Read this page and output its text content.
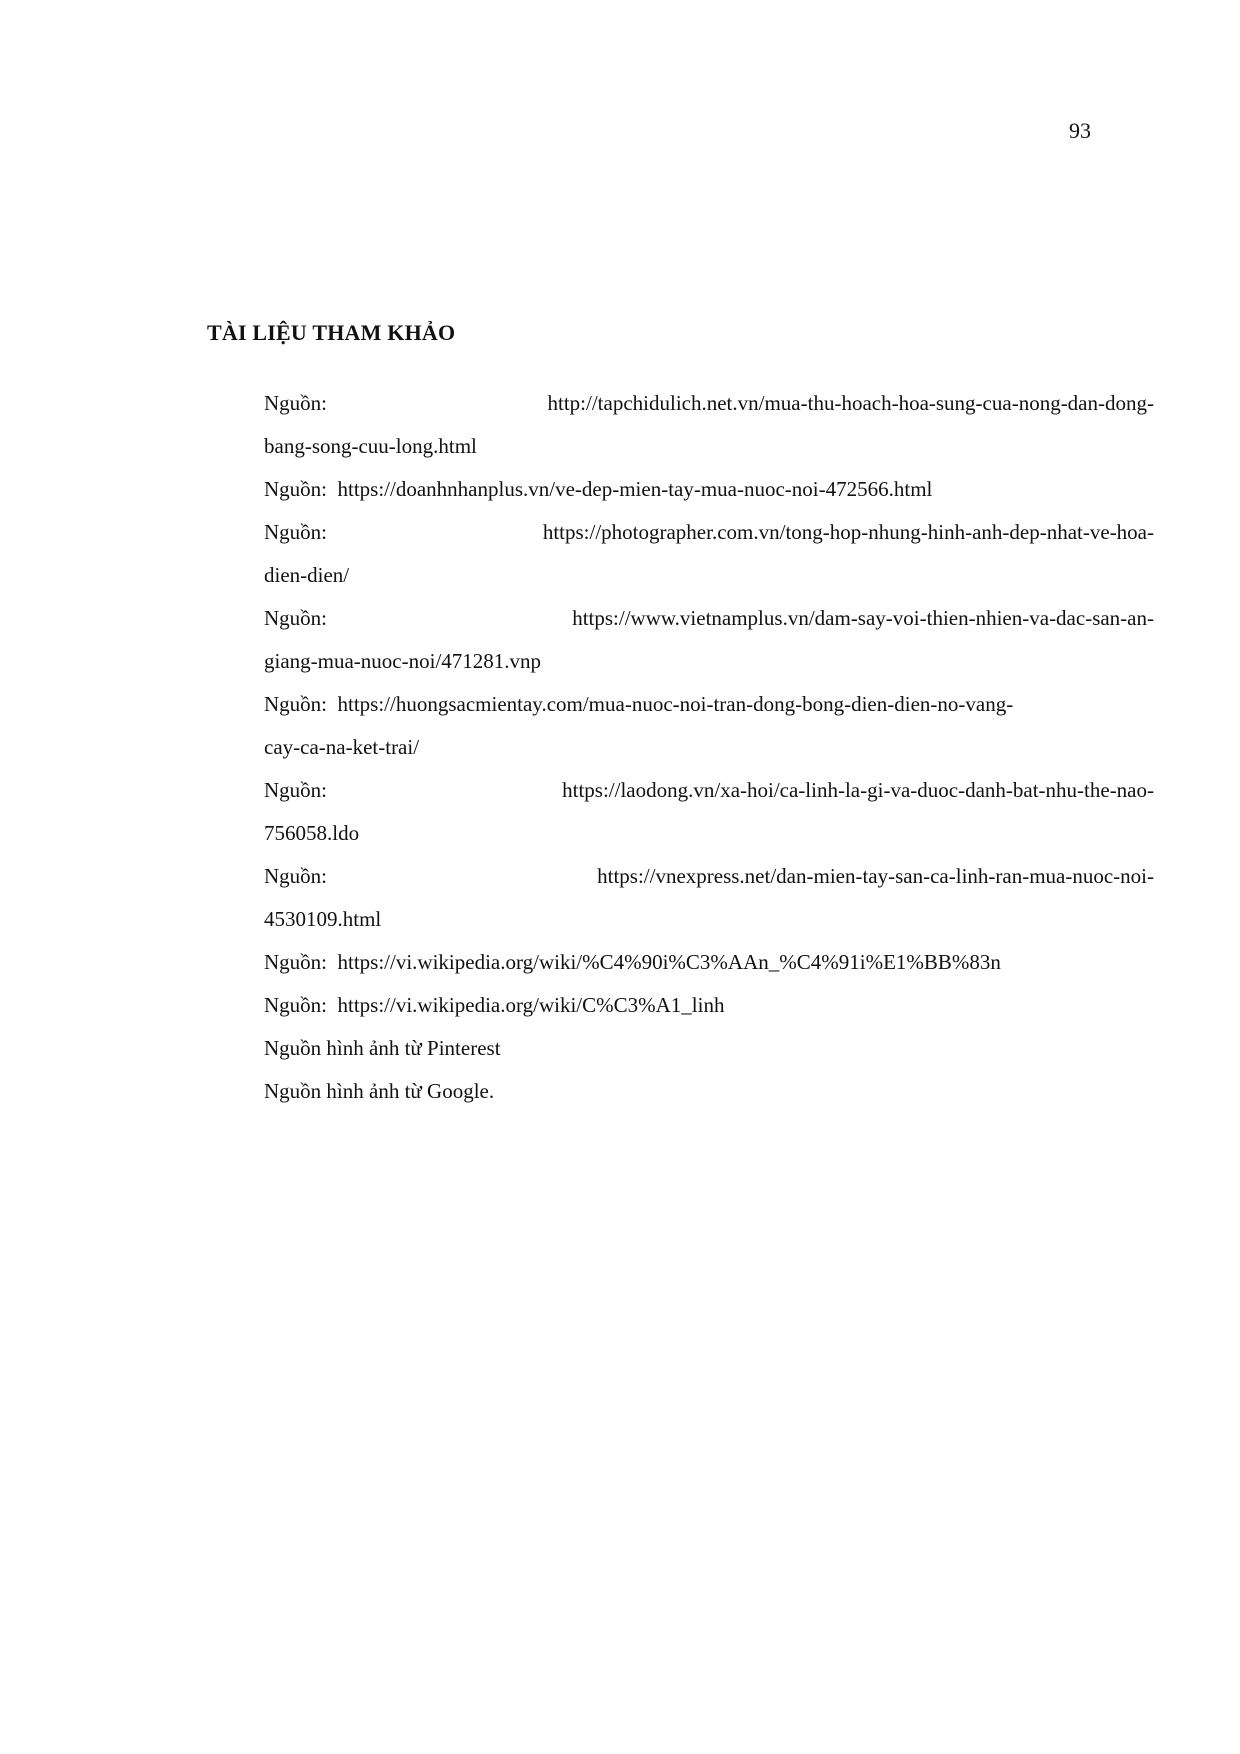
93
TÀI LIỆU THAM KHẢO
Nguồn:	http://tapchidulich.net.vn/mua-thu-hoach-hoa-sung-cua-nong-dan-dong-
bang-song-cuu-long.html
Nguồn:  https://doanhnhanplus.vn/ve-dep-mien-tay-mua-nuoc-noi-472566.html
Nguồn:	https://photographer.com.vn/tong-hop-nhung-hinh-anh-dep-nhat-ve-hoa-
dien-dien/
Nguồn:	https://www.vietnamplus.vn/dam-say-voi-thien-nhien-va-dac-san-an-
giang-mua-nuoc-noi/471281.vnp
Nguồn:  https://huongsacmientay.com/mua-nuoc-noi-tran-dong-bong-dien-dien-no-vang-
cay-ca-na-ket-trai/
Nguồn:	https://laodong.vn/xa-hoi/ca-linh-la-gi-va-duoc-danh-bat-nhu-the-nao-
756058.ldo
Nguồn:	https://vnexpress.net/dan-mien-tay-san-ca-linh-ran-mua-nuoc-noi-
4530109.html
Nguồn:  https://vi.wikipedia.org/wiki/%C4%90i%C3%AAn_%C4%91i%E1%BB%83n
Nguồn:  https://vi.wikipedia.org/wiki/C%C3%A1_linh
Nguồn hình ảnh từ Pinterest
Nguồn hình ảnh từ Google.
